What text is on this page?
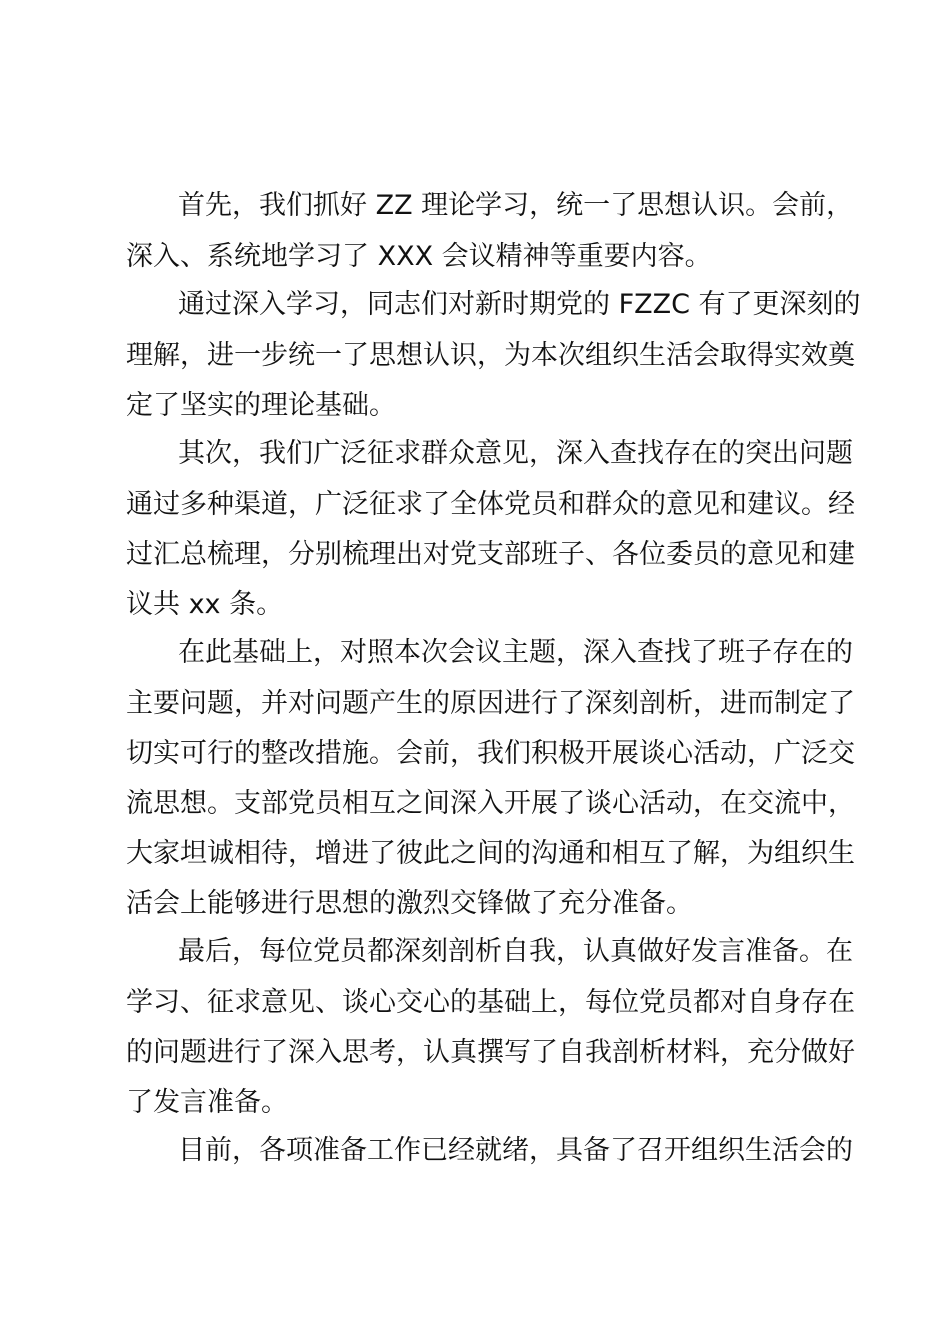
首先，我们抓好 ZZ 理论学习，统一了思想认识。会前，
深入、系统地学习了 XXX 会议精神等重要内容。
通过深入学习，同志们对新时期党的 FZZC 有了更深刻的
理解，进一步统一了思想认识，为本次组织生活会取得实效奠
定了坚实的理论基础。
其次，我们广泛征求群众意见，深入查找存在的突出问题
通过多种渠道，广泛征求了全体党员和群众的意见和建议。经
过汇总梳理，分别梳理出对党支部班子、各位委员的意见和建
议共 xx 条。
在此基础上，对照本次会议主题，深入查找了班子存在的
主要问题，并对问题产生的原因进行了深刻剖析，进而制定了
切实可行的整改措施。会前，我们积极开展谈心活动，广泛交
流思想。支部党员相互之间深入开展了谈心活动，在交流中，
大家坦诚相待，增进了彼此之间的沟通和相互了解，为组织生
活会上能够进行思想的激烈交锋做了充分准备。
最后，每位党员都深刻剖析自我，认真做好发言准备。在
学习、征求意见、谈心交心的基础上，每位党员都对自身存在
的问题进行了深入思考，认真撰写了自我剖析材料，充分做好
了发言准备。
目前，各项准备工作已经就绪，具备了召开组织生活会的
